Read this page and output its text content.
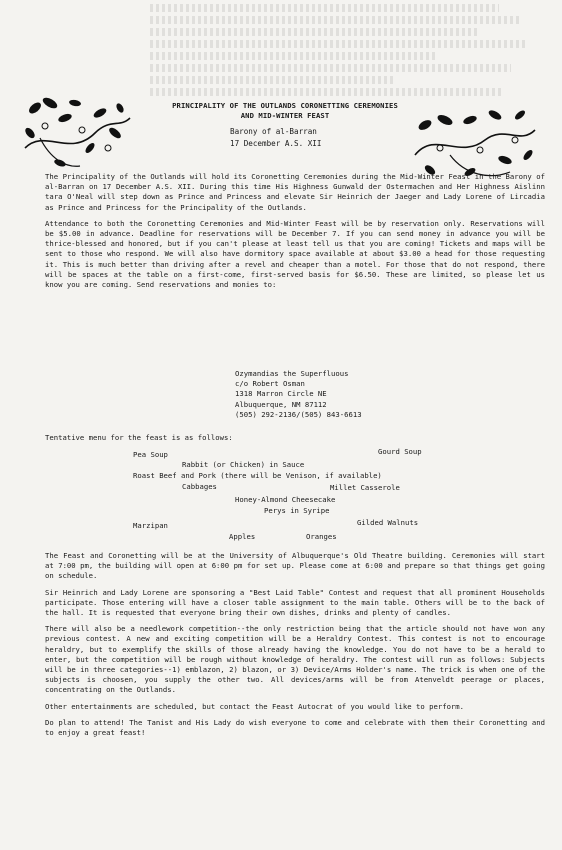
PRINCIPALITY OF THE OUTLANDS CORONETTING CEREMONIES
AND MID-WINTER FEAST
Barony of al-Barran
17 December A.S. XII

The Principality of the Outlands will hold its Coronetting Ceremonies during the Mid-Winter Feast in the Barony of al-Barran on 17 December A.S. XII. During this time His Highness Gunwald der Ostermachen and Her Highness Aislinn tara O'Neal will step down as Prince and Princess and elevate Sir Heinrich der Jaeger and Lady Lorene of Lircadia as Prince and Princess for the Principality of the Outlands.

Attendance to both the Coronetting Ceremonies and Mid-Winter Feast will be by reservation only. Reservations will be $5.00 in advance. Deadline for reservations will be December 7. If you can send money in advance you will be thrice-blessed and honored, but if you can't please at least tell us that you are coming! Tickets and maps will be sent to those who respond. We will also have dormitory space available at about $3.00 a head for those requesting it. This is much better than driving after a revel and cheaper than a motel. For those that do not respond, there will be spaces at the table on a first-come, first-served basis for $6.50. These are limited, so please let us know you are coming. Send reservations and monies to:

Ozymandias the Superfluous
c/o Robert Osman
1318 Marron Circle NE
Albuquerque, NM 87112
(505) 292-2136/(505) 843-6613
Tentative menu for the feast is as follows:
Pea Soup	Gourd Soup
Rabbit (or Chicken) in Sauce
Roast Beef and Pork (there will be Venison, if available)
Cabbages	Millet Casserole
Honey-Almond Cheesecake
Perys in Syripe
Marzipan	Gilded Walnuts
Apples	Oranges

The Feast and Coronetting will be at the University of Albuquerque's Old Theatre building. Ceremonies will start at 7:00 pm, the building will open at 6:00 pm for set up. Please come at 6:00 and prepare so that things get going on schedule.

Sir Heinrich and Lady Lorene are sponsoring a "Best Laid Table" Contest and request that all prominent Households participate. Those entering will have a closer table assignment to the main table. Others will be to the back of the hall. It is requested that everyone bring their own dishes, drinks and plenty of candles.

There will also be a needlework competition--the only restriction being that the article should not have won any previous contest. A new and exciting competition will be a Heraldry Contest. This contest is not to encourage heraldry, but to exemplify the skills of those already having the knowledge. You do not have to be a herald to enter, but the competition will be rough without knowledge of heraldry. The contest will run as follows: Subjects will be in three categories--1) emblazon, 2) blazon, or 3) Device/Arms Holder's name. The trick is when one of the subjects is choosen, you supply the other two. All devices/arms will be from Atenveldt peerage or places, concentrating on the Outlands.

Other entertainments are scheduled, but contact the Feast Autocrat of you would like to perform.

Do plan to attend! The Tanist and His Lady do wish everyone to come and celebrate with them their Coronetting and to enjoy a great feast!
